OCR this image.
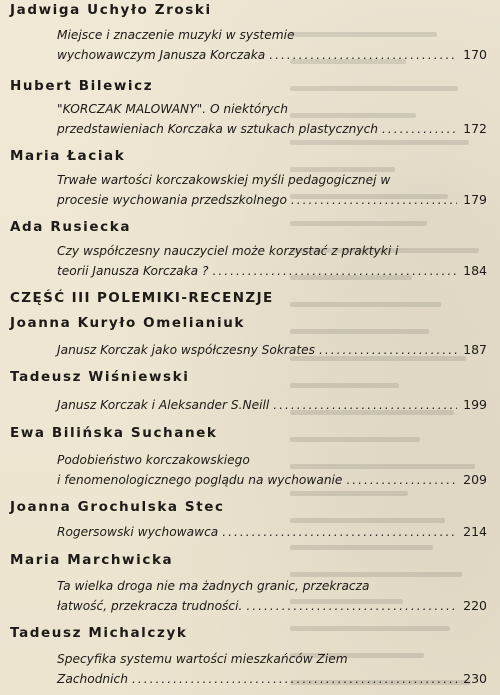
Jadwiga Uchyło Zroski
Miejsce i znaczenie muzyki w systemie
wychowawczym Janusza Korczaka .....	170
Hubert Bilewicz
"KORCZAK MALOWANY". O niektórych
przedstawieniach Korczaka w sztukach plastycznych .....	172
Maria Łaciak
Trwałe wartości korczakowskiej myśli pedagogicznej w
procesie wychowania przedszkolnego .....	179
Ada Rusiecka
Czy współczesny nauczyciel może korzystać z praktyki i
teorii Janusza Korczaka ? .....	184
CZĘŚĆ III POLEMIKI-RECENZJE
Joanna Kuryło Omelianiuk
Janusz Korczak jako współczesny Sokrates .....	187
Tadeusz Wiśniewski
Janusz Korczak i Aleksander S.Neill .....	199
Ewa Bilińska Suchanek
Podobieństwo korczakowskiego
i fenomenologicznego poglądu na wychowanie .....	209
Joanna Grochulska Stec
Rogersowski wychowawca .....	214
Maria Marchwicka
Ta wielka droga nie ma żadnych granic, przekracza
łatwość, przekracza trudności. .....	220
Tadeusz Michalczyk
Specyfika systemu wartości mieszkańców Ziem
Zachodnich .....	230
